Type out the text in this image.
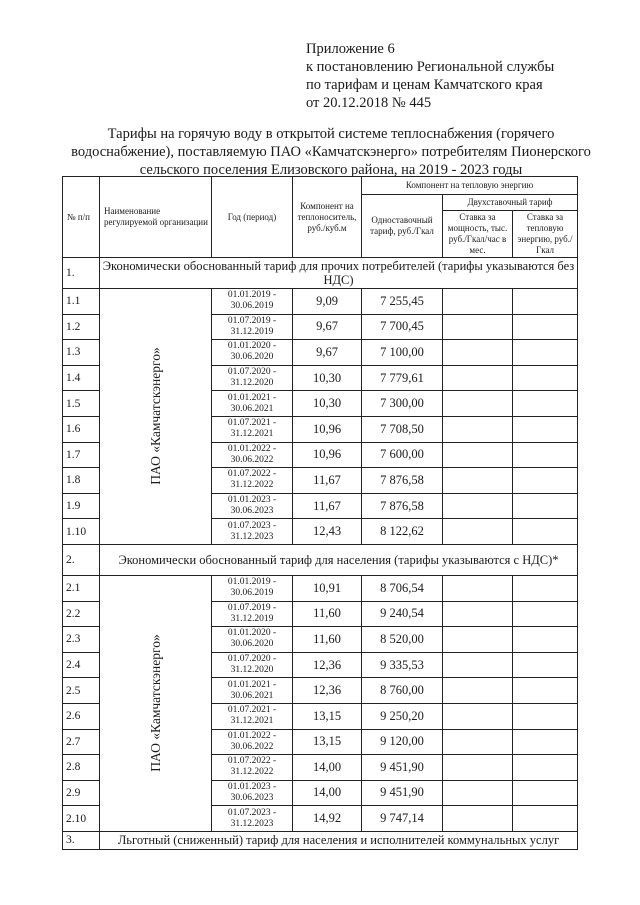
Приложение 6
к постановлению Региональной службы
по тарифам и ценам Камчатского края
от 20.12.2018 № 445
Тарифы на горячую воду в открытой системе теплоснабжения (горячего водоснабжение), поставляемую ПАО «Камчатскэнерго» потребителям Пионерского сельского поселения Елизовского района, на 2019 - 2023 годы
№ п/п	Наименование регулируемой организации	Год (период)	Компонент на теплоноситель, руб./куб.м	Компонент на тепловую энергию		
				Одноставочный тариф, руб./Гкал	Двухставочный тариф	
					Ставка за мощность, тыс. руб./Гкал/час в мес.	Ставка за тепловую энергию, руб./Гкал
1.	Экономически обоснованный тариф для прочих потребителей (тарифы указываются без НДС)					
1.1	ПАО «Камчатскэнерго»	01.01.2019 -
30.06.2019	9,09	7 255,45		
1.2		01.07.2019 -
31.12.2019	9,67	7 700,45		
1.3		01.01.2020 -
30.06.2020	9,67	7 100,00		
1.4		01.07.2020 -
31.12.2020	10,30	7 779,61		
1.5		01.01.2021 -
30.06.2021	10,30	7 300,00		
1.6		01.07.2021 -
31.12.2021	10,96	7 708,50		
1.7		01.01.2022 -
30.06.2022	10,96	7 600,00		
1.8		01.07.2022 -
31.12.2022	11,67	7 876,58		
1.9		01.01.2023 -
30.06.2023	11,67	7 876,58		
1.10		01.07.2023 -
31.12.2023	12,43	8 122,62		
2.	Экономически обоснованный тариф для населения (тарифы указываются с НДС)*					
2.1	ПАО «Камчатскэнерго»	01.01.2019 -
30.06.2019	10,91	8 706,54		
2.2		01.07.2019 -
31.12.2019	11,60	9 240,54		
2.3		01.01.2020 -
30.06.2020	11,60	8 520,00		
2.4		01.07.2020 -
31.12.2020	12,36	9 335,53		
2.5		01.01.2021 -
30.06.2021	12,36	8 760,00		
2.6		01.07.2021 -
31.12.2021	13,15	9 250,20		
2.7		01.01.2022 -
30.06.2022	13,15	9 120,00		
2.8		01.07.2022 -
31.12.2022	14,00	9 451,90		
2.9		01.01.2023 -
30.06.2023	14,00	9 451,90		
2.10		01.07.2023 -
31.12.2023	14,92	9 747,14		
3.	Льготный (сниженный) тариф для населения и исполнителей коммунальных услуг					
